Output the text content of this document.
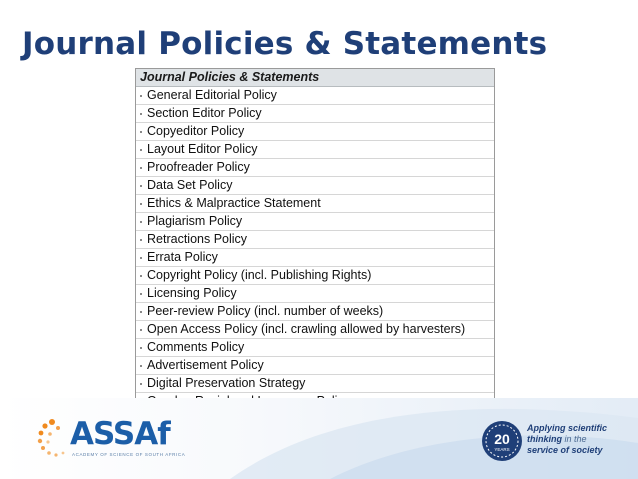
Journal Policies & Statements
Journal Policies & Statements
General Editorial Policy
Section Editor Policy
Copyeditor Policy
Layout Editor Policy
Proofreader Policy
Data Set Policy
Ethics & Malpractice Statement
Plagiarism Policy
Retractions Policy
Errata Policy
Copyright Policy (incl. Publishing Rights)
Licensing Policy
Peer-review Policy (incl. number of weeks)
Open Access Policy (incl. crawling allowed by harvesters)
Comments Policy
Advertisement Policy
Digital Preservation Strategy
ASSAf
ACADEMY OF SCIENCE OF SOUTH AFRICA
20
YEARS
Applying scientific
thinking in the
service of society
